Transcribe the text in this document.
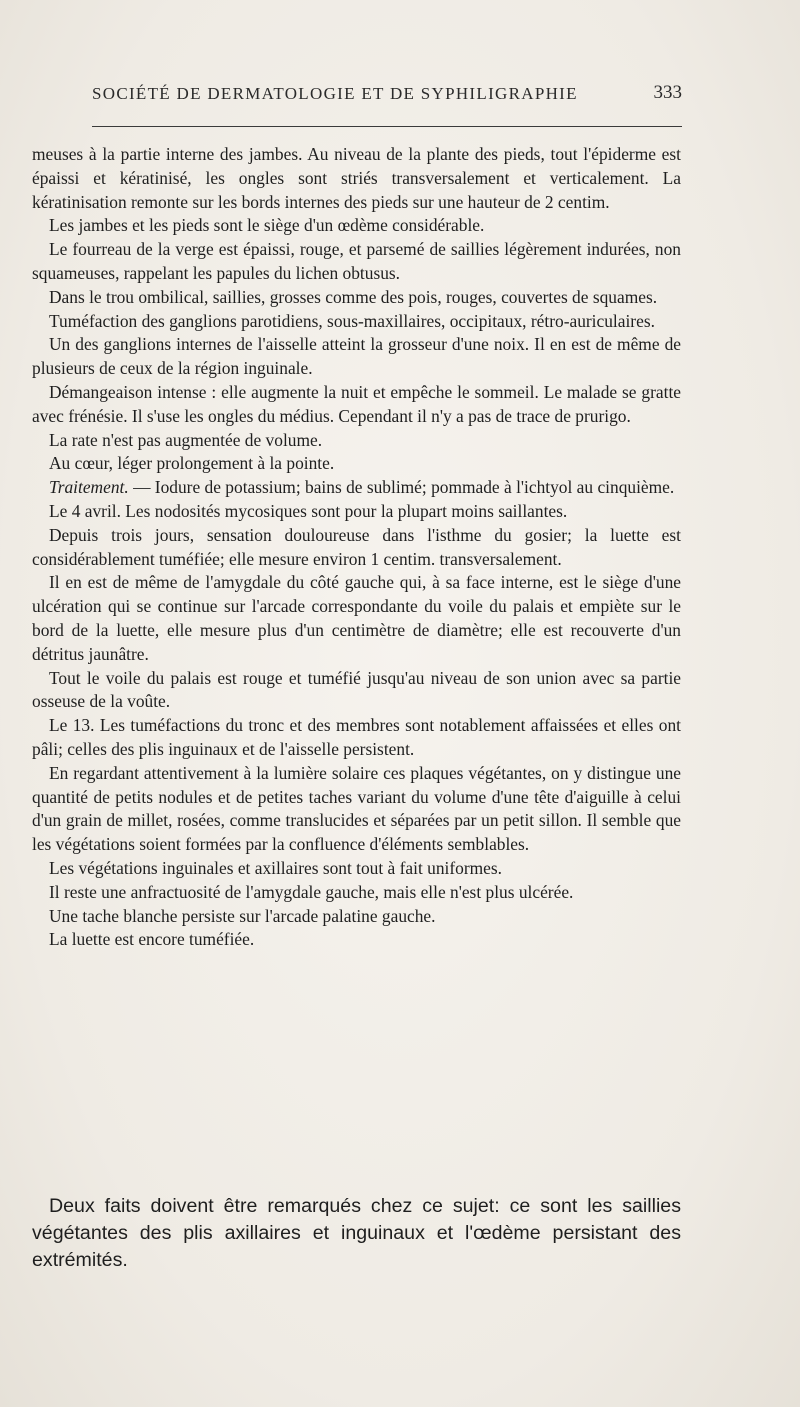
SOCIÉTÉ DE DERMATOLOGIE ET DE SYPHILIGRAPHIE	333

meuses à la partie interne des jambes. Au niveau de la plante des pieds, tout l'épiderme est épaissi et kératinisé, les ongles sont striés transversalement et verticalement. La kératinisation remonte sur les bords internes des pieds sur une hauteur de 2 centim.

Les jambes et les pieds sont le siège d'un œdème considérable.

Le fourreau de la verge est épaissi, rouge, et parsemé de saillies légèrement indurées, non squameuses, rappelant les papules du lichen obtusus.

Dans le trou ombilical, saillies, grosses comme des pois, rouges, couvertes de squames.

Tuméfaction des ganglions parotidiens, sous-maxillaires, occipitaux, rétro-auriculaires.

Un des ganglions internes de l'aisselle atteint la grosseur d'une noix. Il en est de même de plusieurs de ceux de la région inguinale.

Démangeaison intense : elle augmente la nuit et empêche le sommeil. Le malade se gratte avec frénésie. Il s'use les ongles du médius. Cependant il n'y a pas de trace de prurigo.

La rate n'est pas augmentée de volume.

Au cœur, léger prolongement à la pointe.

Traitement. — Iodure de potassium; bains de sublimé; pommade à l'ichtyol au cinquième.

Le 4 avril. Les nodosités mycosiques sont pour la plupart moins saillantes.

Depuis trois jours, sensation douloureuse dans l'isthme du gosier; la luette est considérablement tuméfiée; elle mesure environ 1 centim. transversalement.

Il en est de même de l'amygdale du côté gauche qui, à sa face interne, est le siège d'une ulcération qui se continue sur l'arcade correspondante du voile du palais et empiète sur le bord de la luette, elle mesure plus d'un centimètre de diamètre; elle est recouverte d'un détritus jaunâtre.

Tout le voile du palais est rouge et tuméfié jusqu'au niveau de son union avec sa partie osseuse de la voûte.

Le 13. Les tuméfactions du tronc et des membres sont notablement affaissées et elles ont pâli; celles des plis inguinaux et de l'aisselle persistent.

En regardant attentivement à la lumière solaire ces plaques végétantes, on y distingue une quantité de petits nodules et de petites taches variant du volume d'une tête d'aiguille à celui d'un grain de millet, rosées, comme translucides et séparées par un petit sillon. Il semble que les végétations soient formées par la confluence d'éléments semblables.

Les végétations inguinales et axillaires sont tout à fait uniformes.

Il reste une anfractuosité de l'amygdale gauche, mais elle n'est plus ulcérée.

Une tache blanche persiste sur l'arcade palatine gauche.

La luette est encore tuméfiée.

Deux faits doivent être remarqués chez ce sujet: ce sont les saillies végétantes des plis axillaires et inguinaux et l'œdème persistant des extrémités.
